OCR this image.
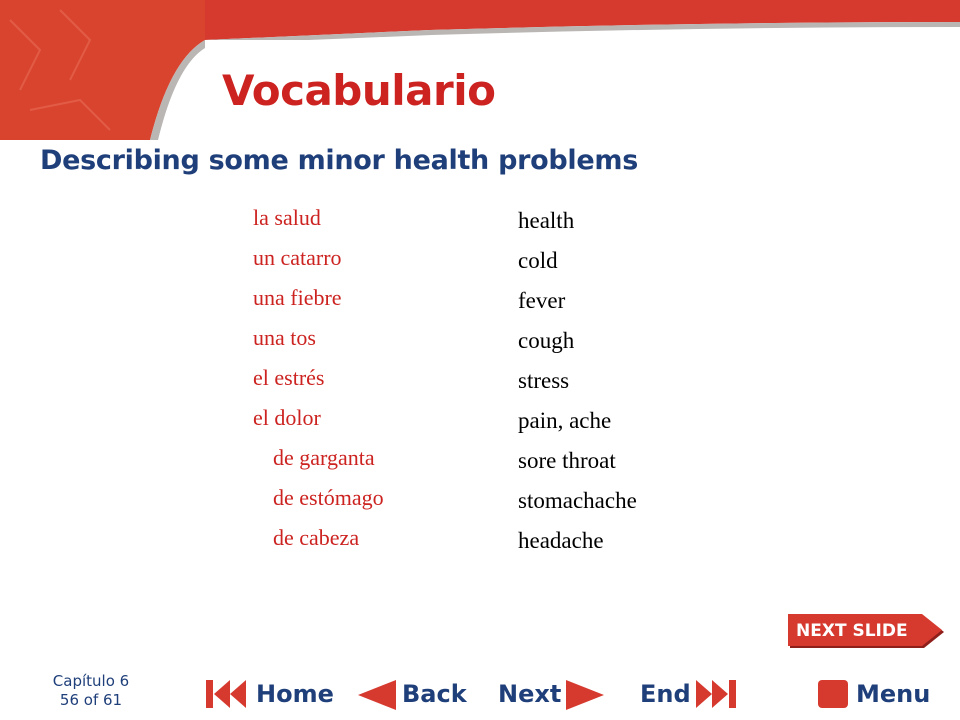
Vocabulario
Describing some minor health problems
la salud	health
un catarro	cold
una fiebre	fever
una tos	cough
el estrés	stress
el dolor	pain, ache
de garganta	sore throat
de estómago	stomachache
de cabeza	headache
NEXT SLIDE
Capítulo 6
56 of 61	Home	Back Next	End	Menu
